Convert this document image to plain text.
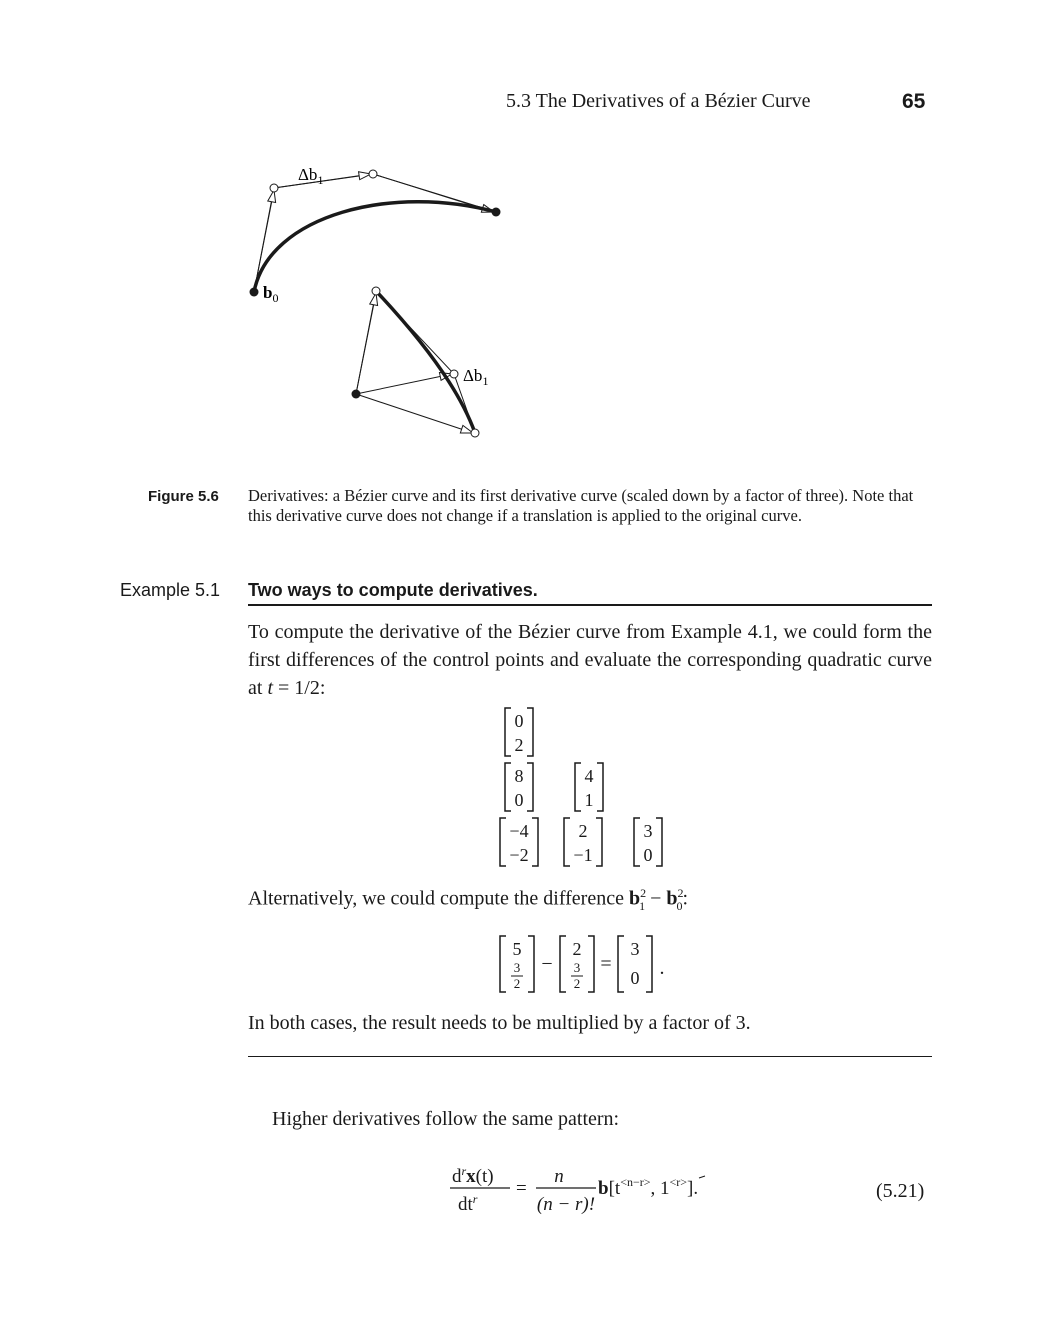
5.3 The Derivatives of a Bézier Curve	65
$\Delta b_1$
$b_0$
$\Delta b_1$
Figure 5.6 Derivatives: a Bézier curve and its first derivative curve (scaled down by a factor of three). Note that this derivative curve does not change if a translation is applied to the original curve.
Example 5.1 Two ways to compute derivatives.
To compute the derivative of the Bézier curve from Example 4.1, we could form the first differences of the control points and evaluate the corresponding quadratic curve at t = 1/2:
0
2
8
0
4
1
−4
−2
2
−1
3
0
Alternatively, we could compute the difference $b^2_1 - b^2_0$:
5
3
2
−
2
3
2
=
3
0 .
In both cases, the result needs to be multiplied by a factor of 3.
Higher derivatives follow the same pattern:
$d^rx(t)$
$dt^r$ =
n
(n − r)!
$b[t^{<n-r>}$, $1^{<r>}$].	(5.21)
